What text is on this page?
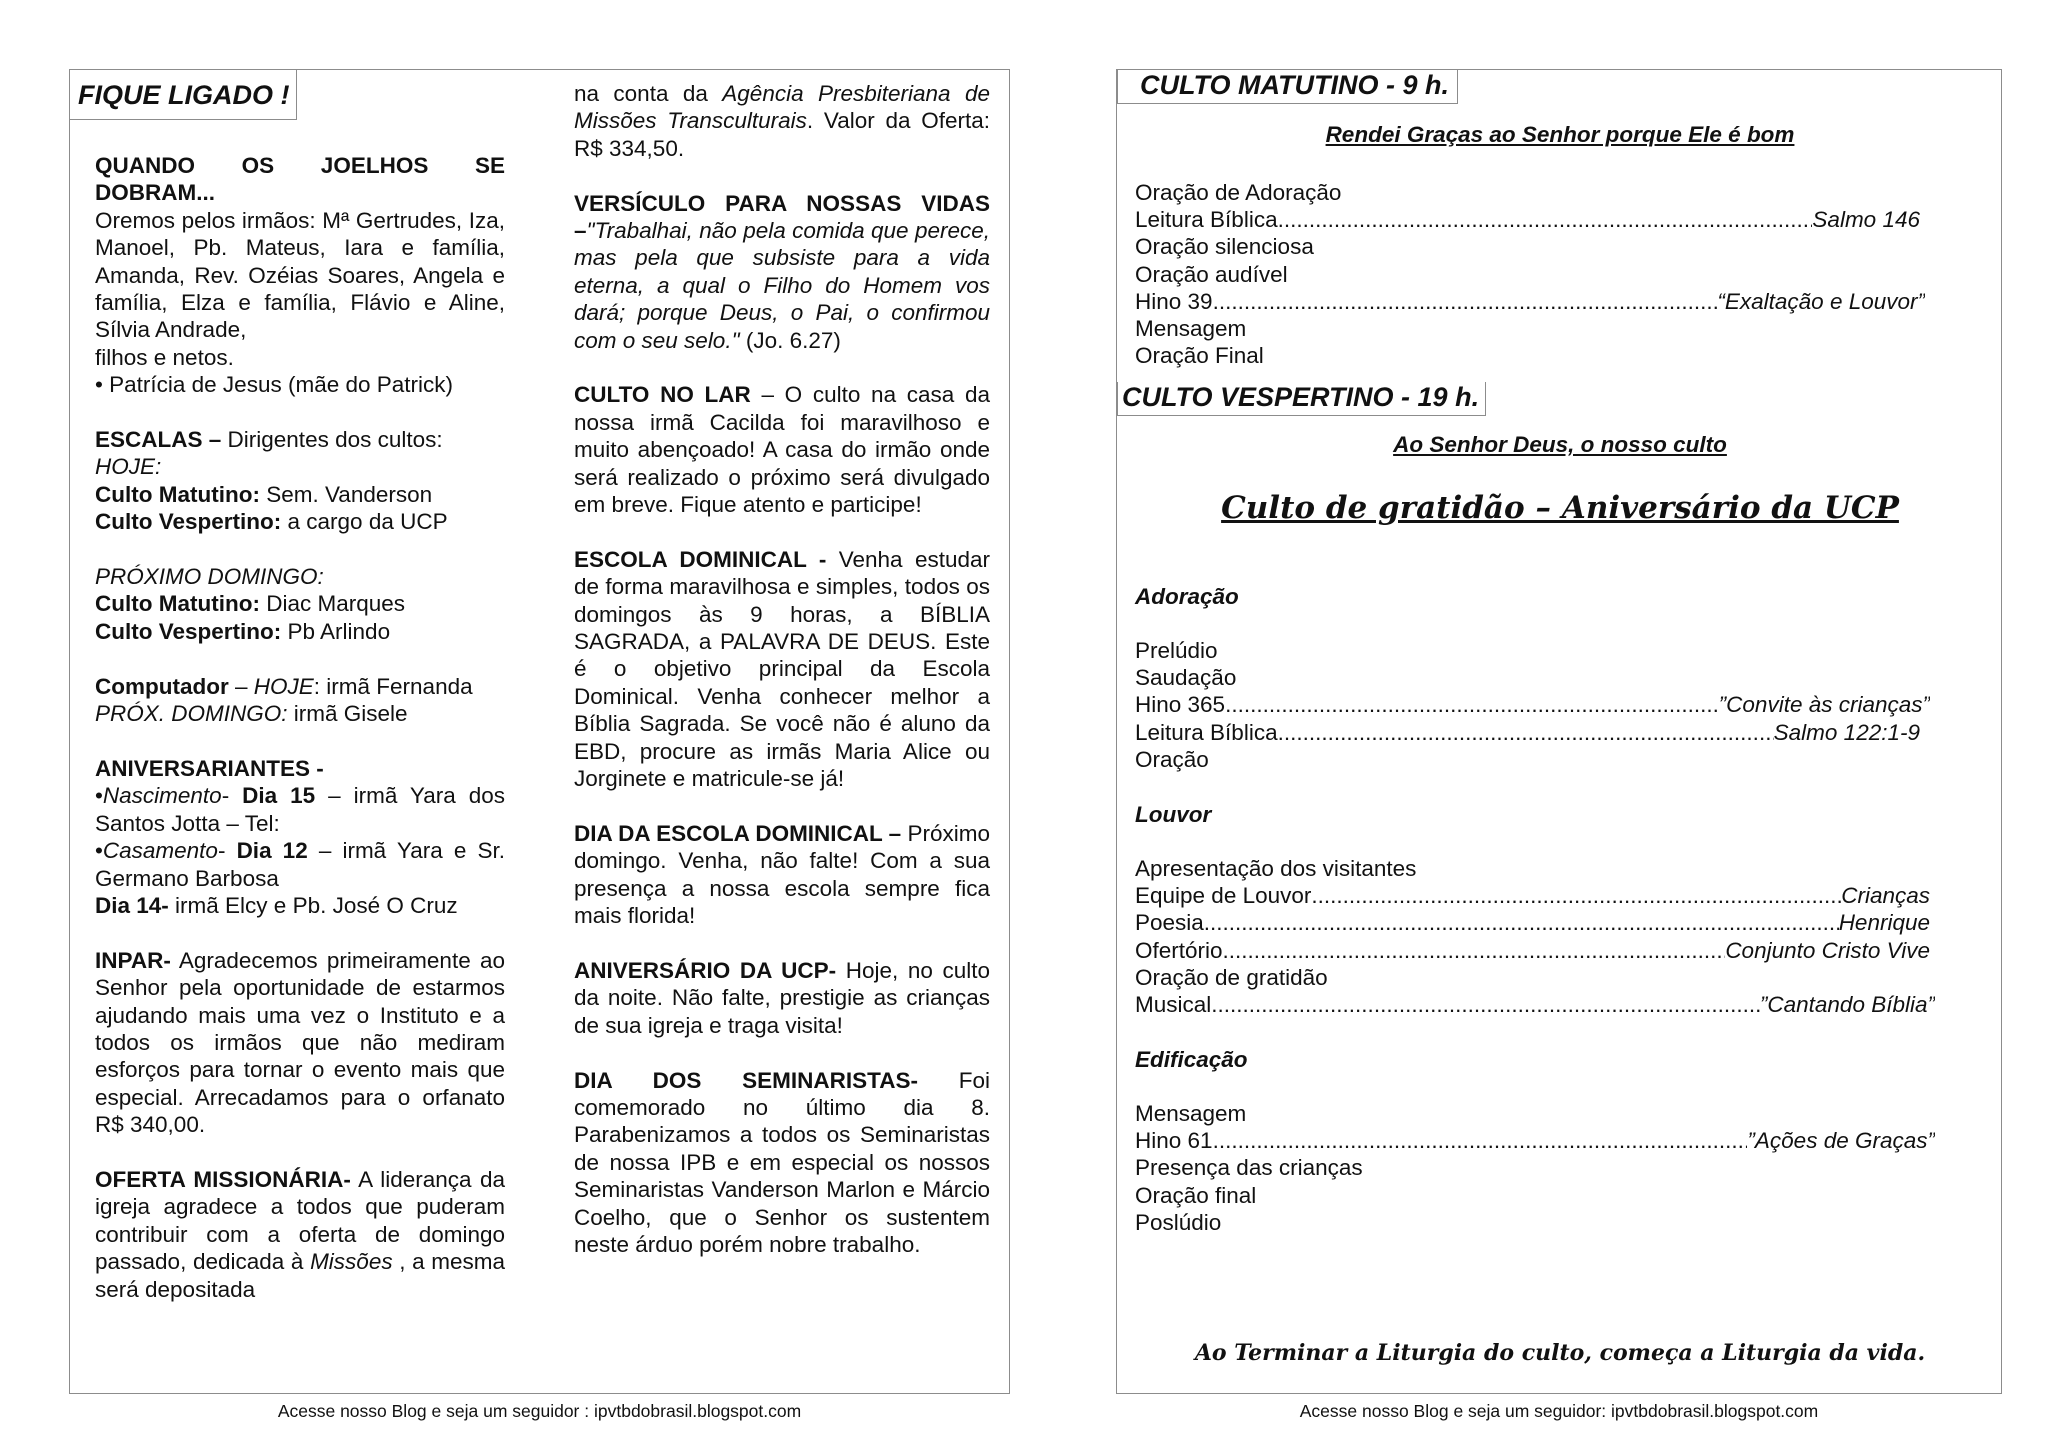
FIQUE LIGADO !

QUANDO OS JOELHOS SE DOBRAM...

Oremos pelos irmãos: Mª Gertrudes, Iza, Manoel, Pb. Mateus, Iara e família, Amanda, Rev. Ozéias Soares, Angela e família, Elza e família, Flávio e Aline, Sílvia Andrade,

filhos e netos.

• Patrícia de Jesus (mãe do Patrick)

ESCALAS – Dirigentes dos cultos:

HOJE:

Culto Matutino: Sem. Vanderson

Culto Vespertino: a cargo da UCP

PRÓXIMO DOMINGO:

Culto Matutino: Diac Marques

Culto Vespertino: Pb Arlindo

Computador – HOJE: irmã Fernanda

PRÓX. DOMINGO: irmã Gisele

ANIVERSARIANTES -

•Nascimento- Dia 15 – irmã Yara dos Santos Jotta – Tel:

•Casamento- Dia 12 – irmã Yara e Sr. Germano Barbosa

Dia 14- irmã Elcy e Pb. José O Cruz

INPAR- Agradecemos primeiramente ao Senhor pela oportunidade de estarmos ajudando mais uma vez o Instituto e a todos os irmãos que não mediram esforços para tornar o evento mais que especial. Arrecadamos para o orfanato R$ 340,00.

OFERTA MISSIONÁRIA- A liderança da igreja agradece a todos que puderam contribuir com a oferta de domingo passado, dedicada à Missões , a mesma será depositada

na conta da Agência Presbiteriana de Missões Transculturais. Valor da Oferta: R$ 334,50.

VERSÍCULO PARA NOSSAS VIDAS –"Trabalhai, não pela comida que perece, mas pela que subsiste para a vida eterna, a qual o Filho do Homem vos dará; porque Deus, o Pai, o confirmou com o seu selo." (Jo. 6.27)

CULTO NO LAR – O culto na casa da nossa irmã Cacilda foi maravilhoso e muito abençoado! A casa do irmão onde será realizado o próximo será divulgado em breve. Fique atento e participe!

ESCOLA DOMINICAL - Venha estudar de forma maravilhosa e simples, todos os domingos às 9 horas, a BÍBLIA SAGRADA, a PALAVRA DE DEUS. Este é o objetivo principal da Escola Dominical. Venha conhecer melhor a Bíblia Sagrada. Se você não é aluno da EBD, procure as irmãs Maria Alice ou Jorginete e matricule-se já!

DIA DA ESCOLA DOMINICAL – Próximo domingo. Venha, não falte! Com a sua presença a nossa escola sempre fica mais florida!

ANIVERSÁRIO DA UCP- Hoje, no culto da noite. Não falte, prestigie as crianças de sua igreja e traga visita!

DIA DOS SEMINARISTAS- Foi comemorado no último dia 8. Parabenizamos a todos os Seminaristas de nossa IPB e em especial os nossos Seminaristas Vanderson Marlon e Márcio Coelho, que o Senhor os sustentem neste árduo porém nobre trabalho.

Acesse nosso Blog e seja um seguidor : ipvtbdobrasil.blogspot.com
CULTO MATUTINO - 9 h.
Rendei Graças ao Senhor porque Ele é bom
Oração de Adoração
Leitura Bíblica .....	Salmo 146
Oração silenciosa
Oração audível
Hino 39 .....	“Exaltação e Louvor”
Mensagem
Oração Final
CULTO VESPERTINO - 19 h.
Ao Senhor Deus, o nosso culto
Culto de gratidão – Aniversário da UCP
Adoração
Prelúdio
Saudação
Hino 365 .....	”Convite às crianças”
Leitura Bíblica .....	Salmo 122:1-9
Oração
Louvor
Apresentação dos visitantes
Equipe de Louvor .....	Crianças
Poesia .....	Henrique
Ofertório .....	Conjunto Cristo Vive
Oração de gratidão
Musical .....	”Cantando Bíblia”
Edificação
Mensagem
Hino 61 .....	”Ações de Graças”
Presença das crianças
Oração final
Poslúdio
Ao Terminar a Liturgia do culto, começa a Liturgia da vida.
Acesse nosso Blog e seja um seguidor: ipvtbdobrasil.blogspot.com
